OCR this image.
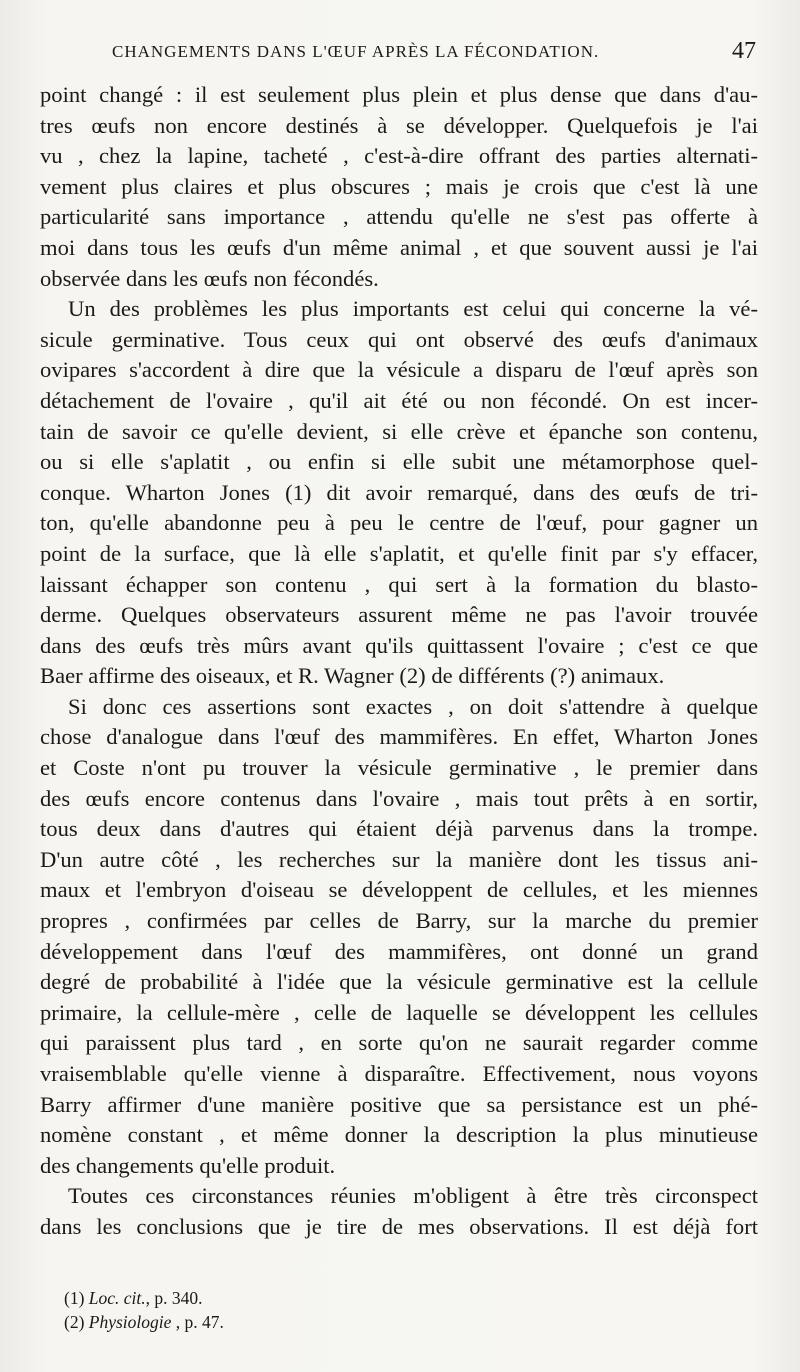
CHANGEMENTS DANS L'ŒUF APRÈS LA FÉCONDATION.	47
point changé : il est seulement plus plein et plus dense que dans d'au-
tres œufs non encore destinés à se développer. Quelquefois je l'ai
vu , chez la lapine, tacheté , c'est-à-dire offrant des parties alternati-
vement plus claires et plus obscures ; mais je crois que c'est là une
particularité sans importance , attendu qu'elle ne s'est pas offerte à
moi dans tous les œufs d'un même animal , et que souvent aussi je l'ai
observée dans les œufs non fécondés.
Un des problèmes les plus importants est celui qui concerne la vé-
sicule germinative. Tous ceux qui ont observé des œufs d'animaux
ovipares s'accordent à dire que la vésicule a disparu de l'œuf après son
détachement de l'ovaire , qu'il ait été ou non fécondé. On est incer-
tain de savoir ce qu'elle devient, si elle crève et épanche son contenu,
ou si elle s'aplatit , ou enfin si elle subit une métamorphose quel-
conque. Wharton Jones (1) dit avoir remarqué, dans des œufs de tri-
ton, qu'elle abandonne peu à peu le centre de l'œuf, pour gagner un
point de la surface, que là elle s'aplatit, et qu'elle finit par s'y effacer,
laissant échapper son contenu , qui sert à la formation du blasto-
derme. Quelques observateurs assurent même ne pas l'avoir trouvée
dans des œufs très mûrs avant qu'ils quittassent l'ovaire ; c'est ce que
Baer affirme des oiseaux, et R. Wagner (2) de différents (?) animaux.
Si donc ces assertions sont exactes , on doit s'attendre à quelque
chose d'analogue dans l'œuf des mammifères. En effet, Wharton Jones
et Coste n'ont pu trouver la vésicule germinative , le premier dans
des œufs encore contenus dans l'ovaire , mais tout prêts à en sortir,
tous deux dans d'autres qui étaient déjà parvenus dans la trompe.
D'un autre côté , les recherches sur la manière dont les tissus ani-
maux et l'embryon d'oiseau se développent de cellules, et les miennes
propres , confirmées par celles de Barry, sur la marche du premier
développement dans l'œuf des mammifères, ont donné un grand
degré de probabilité à l'idée que la vésicule germinative est la cellule
primaire, la cellule-mère , celle de laquelle se développent les cellules
qui paraissent plus tard , en sorte qu'on ne saurait regarder comme
vraisemblable qu'elle vienne à disparaître. Effectivement, nous voyons
Barry affirmer d'une manière positive que sa persistance est un phé-
nomène constant , et même donner la description la plus minutieuse
des changements qu'elle produit.
Toutes ces circonstances réunies m'obligent à être très circonspect
dans les conclusions que je tire de mes observations. Il est déjà fort
(1) Loc. cit., p. 340.
(2) Physiologie , p. 47.
